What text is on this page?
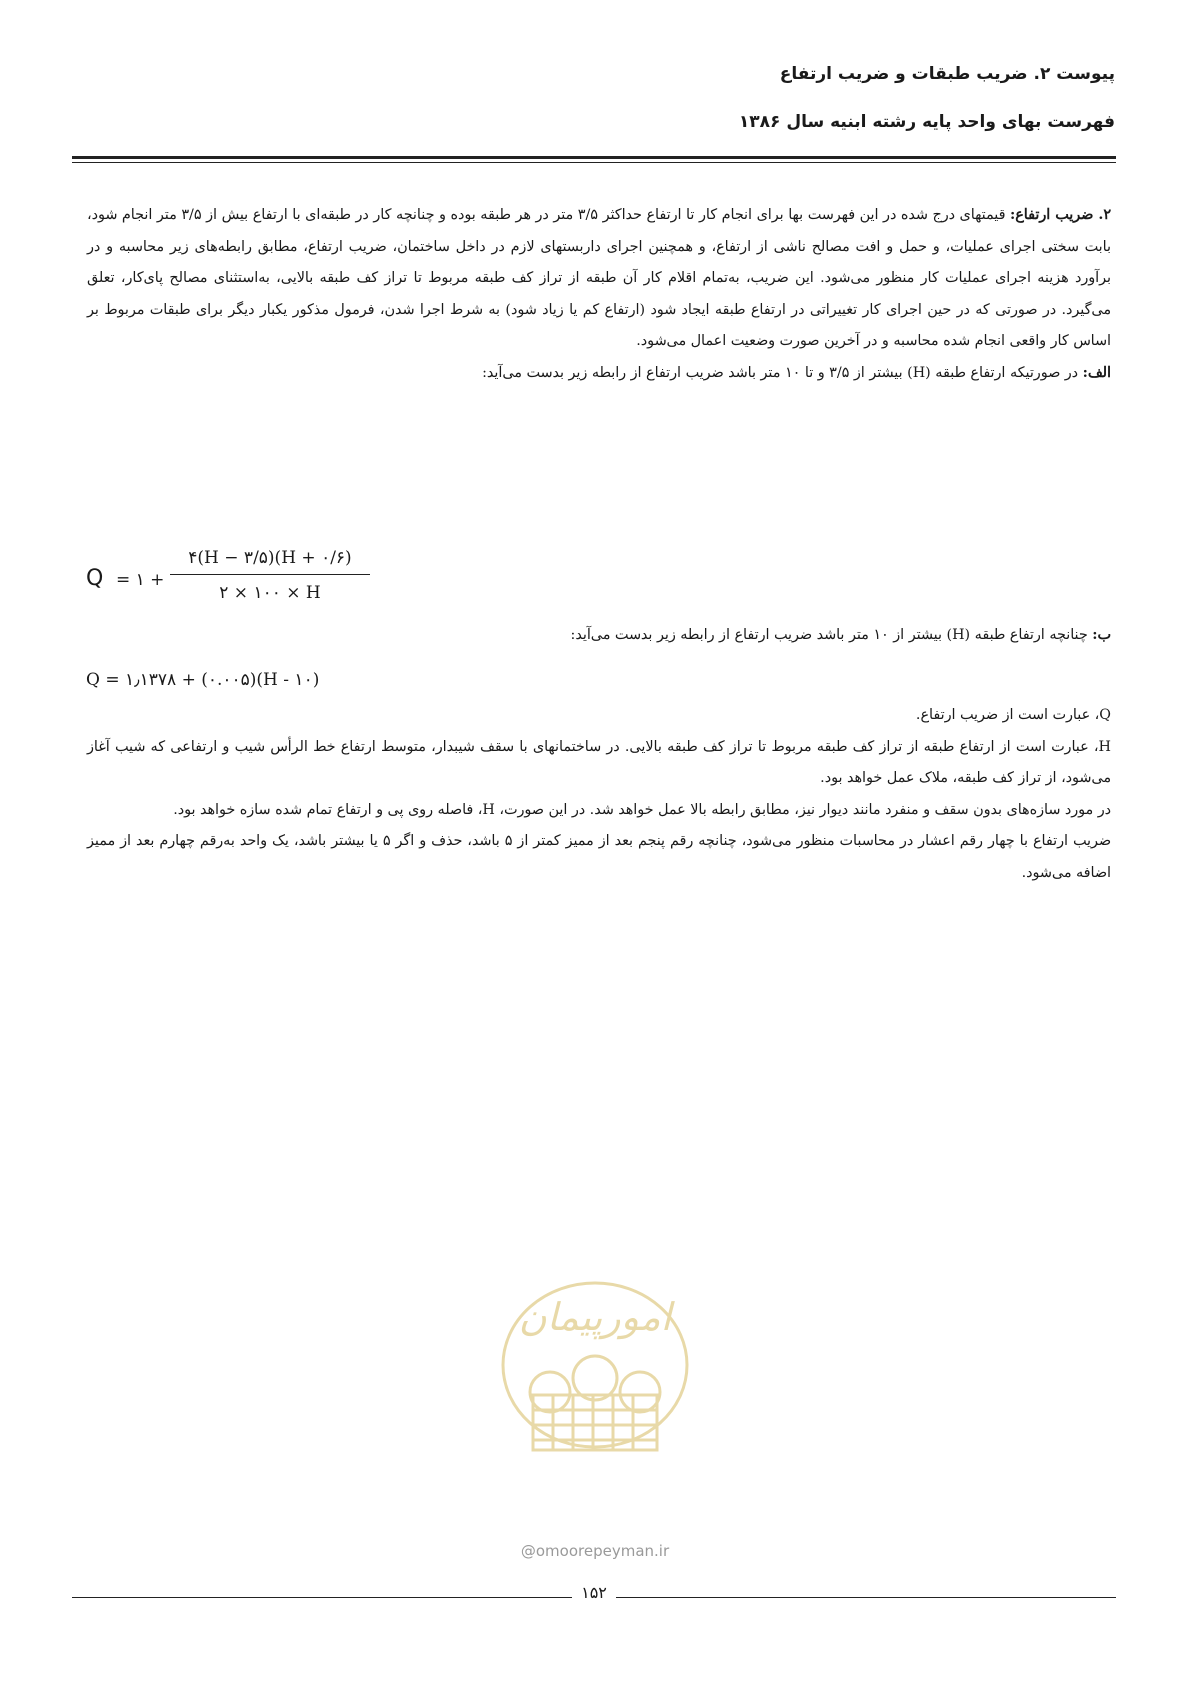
پیوست ۲. ضریب طبقات و ضریب ارتفاع
فهرست بهای واحد پایه رشته ابنیه سال ۱۳۸۶

۲. ضریب ارتفاع: قیمتهای درج شده در این فهرست بها برای انجام کار تا ارتفاع حداکثر ۳/۵ متر در هر طبقه بوده و چنانچه کار در طبقه‌ای با ارتفاع بیش از ۳/۵ متر انجام شود، بابت سختی اجرای عملیات، و حمل و افت مصالح ناشی از ارتفاع، و همچنین اجرای داربستهای لازم در داخل ساختمان، ضریب ارتفاع، مطابق رابطه‌های زیر محاسبه و در برآورد هزینه اجرای عملیات کار منظور می‌شود. این ضریب، به‌تمام اقلام کار آن طبقه از تراز کف طبقه مربوط تا تراز کف طبقه بالایی، به‌استثنای مصالح پای‌کار، تعلق می‌گیرد. در صورتی که در حین اجرای کار تغییراتی در ارتفاع طبقه ایجاد شود (ارتفاع کم یا زیاد شود) به شرط اجرا شدن، فرمول مذکور یکبار دیگر برای طبقات مربوط بر اساس کار واقعی انجام شده محاسبه و در آخرین صورت وضعیت اعمال می‌شود.

الف: در صورتیکه ارتفاع طبقه (H) بیشتر از ۳/۵ و تا ۱۰ متر باشد ضریب ارتفاع از رابطه زیر بدست می‌آید:

Q = ۱ + $\frac{۴(H - ۳/۵)(H + ۰/۶)}{۲ \times ۱۰۰ \times H}$
ب: چنانچه ارتفاع طبقه (H) بیشتر از ۱۰ متر باشد ضریب ارتفاع از رابطه زیر بدست می‌آید:
Q = ۱٫۱۳۷۸ + (۰.۰۰۵)(H - ۱۰)

Q، عبارت است از ضریب ارتفاع.

H، عبارت است از ارتفاع طبقه از تراز کف طبقه مربوط تا تراز کف طبقه بالایی. در ساختمانهای با سقف شیبدار، متوسط ارتفاع خط الرأس شیب و ارتفاعی که شیب آغاز می‌شود، از تراز کف طبقه، ملاک عمل خواهد بود.

در مورد سازه‌های بدون سقف و منفرد مانند دیوار نیز، مطابق رابطه بالا عمل خواهد شد. در این صورت، H، فاصله روی پی و ارتفاع تمام شده سازه خواهد بود.

ضریب ارتفاع با چهار رقم اعشار در محاسبات منظور می‌شود، چنانچه رقم پنجم بعد از ممیز کمتر از ۵ باشد، حذف و اگر ۵ یا بیشتر باشد، یک واحد به‌رقم چهارم بعد از ممیز اضافه می‌شود.

امورپیمان
@omoorepeyman.ir
۱۵۲
